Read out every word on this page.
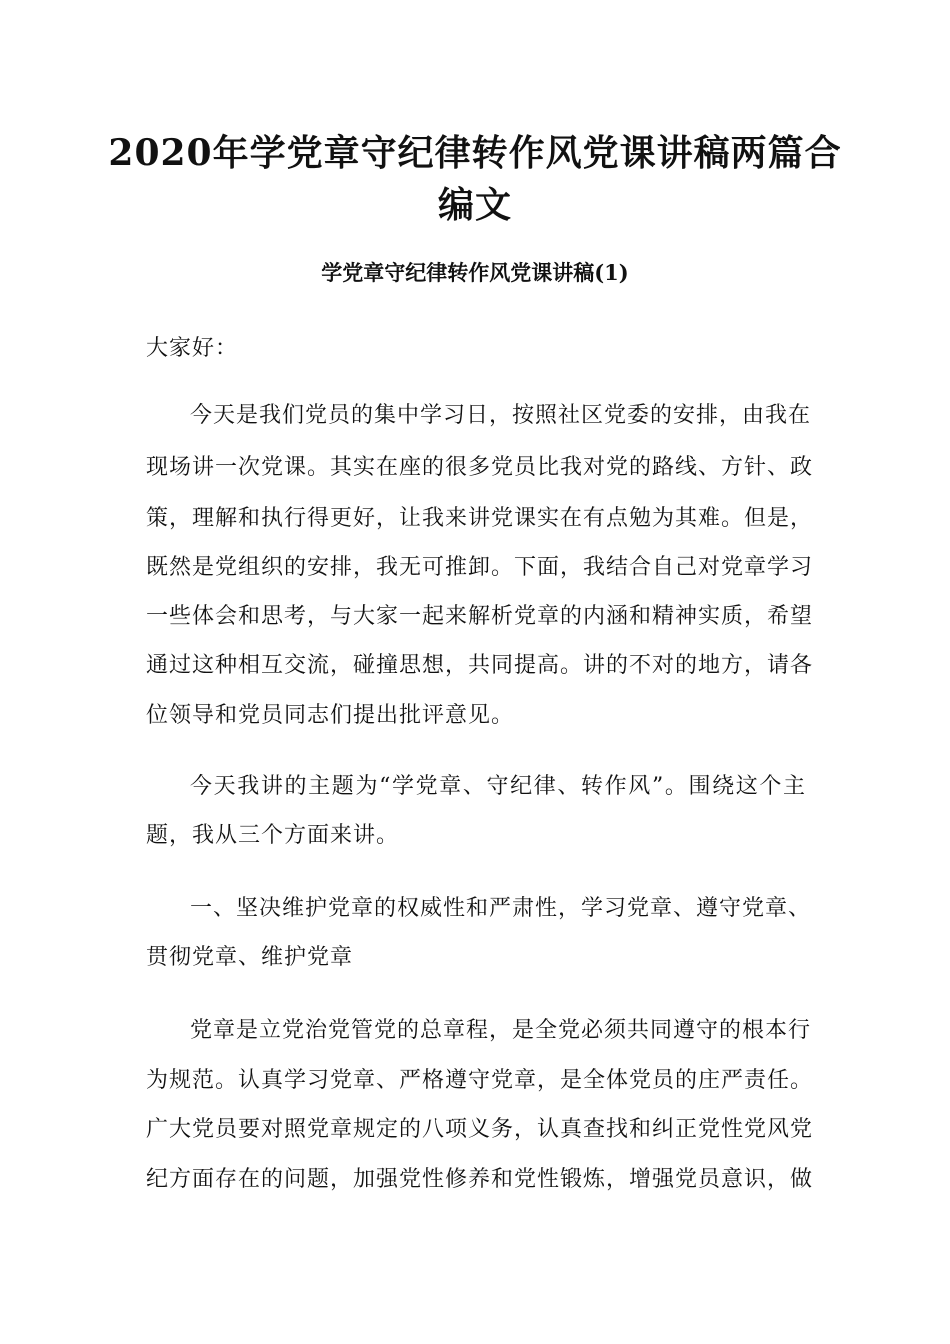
2020年学党章守纪律转作风党课讲稿两篇合
编文
学党章守纪律转作风党课讲稿(1)
大家好：
今天是我们党员的集中学习日，按照社区党委的安排，由我在
现场讲一次党课。其实在座的很多党员比我对党的路线、方针、政
策，理解和执行得更好，让我来讲党课实在有点勉为其难。但是，
既然是党组织的安排，我无可推卸。下面，我结合自己对党章学习
一些体会和思考，与大家一起来解析党章的内涵和精神实质，希望
通过这种相互交流，碰撞思想，共同提高。讲的不对的地方，请各
位领导和党员同志们提出批评意见。
今天我讲的主题为“学党章、守纪律、转作风”。围绕这个主
题，我从三个方面来讲。
一、坚决维护党章的权威性和严肃性，学习党章、遵守党章、
贯彻党章、维护党章
党章是立党治党管党的总章程，是全党必须共同遵守的根本行
为规范。认真学习党章、严格遵守党章，是全体党员的庄严责任。
广大党员要对照党章规定的八项义务，认真查找和纠正党性党风党
纪方面存在的问题，加强党性修养和党性锻炼，增强党员意识，做
